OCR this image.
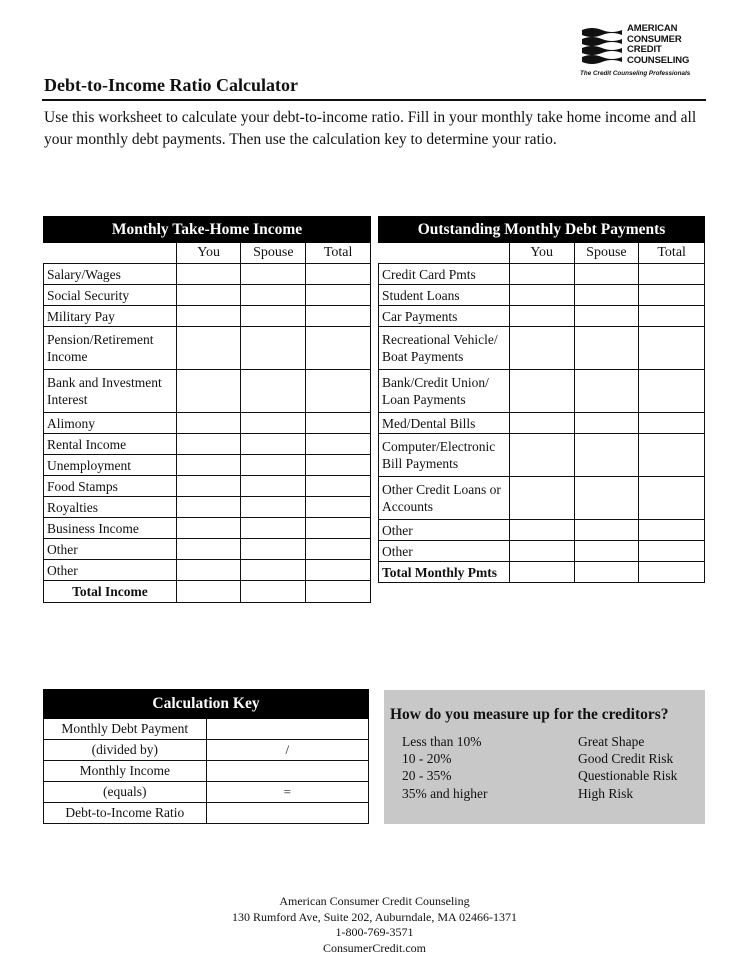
AMERICAN
CONSUMER
CREDIT
COUNSELING
The Credit Counseling Professionals
Debt-to-Income Ratio Calculator
Use this worksheet to calculate your debt-to-income ratio. Fill in your monthly take home income and all your monthly debt payments. Then use the calculation key to determine your ratio.
Monthly Take-Home Income			
	You	Spouse	Total
Salary/Wages			
Social Security			
Military Pay			
Pension/Retirement Income			
Bank and Investment Interest			
Alimony			
Rental Income			
Unemployment			
Food Stamps			
Royalties			
Business Income			
Other			
Other			
Total Income			
Outstanding Monthly Debt Payments			
	You	Spouse	Total
Credit Card Pmts			
Student Loans			
Car Payments			
Recreational Vehicle/ Boat Payments			
Bank/Credit Union/ Loan Payments			
Med/Dental Bills			
Computer/Electronic Bill Payments			
Other Credit Loans or Accounts			
Other			
Other			
Total Monthly Pmts			
Calculation Key	
Monthly Debt Payment	
(divided by)	/
Monthly Income	
(equals)	=
Debt-to-Income Ratio	
How do you measure up for the creditors?
Less than 10%	Great Shape
10 - 20%	Good Credit Risk
20 - 35%	Questionable Risk
35% and higher	High Risk
American Consumer Credit Counseling
130 Rumford Ave, Suite 202, Auburndale, MA 02466-1371
1-800-769-3571
ConsumerCredit.com
